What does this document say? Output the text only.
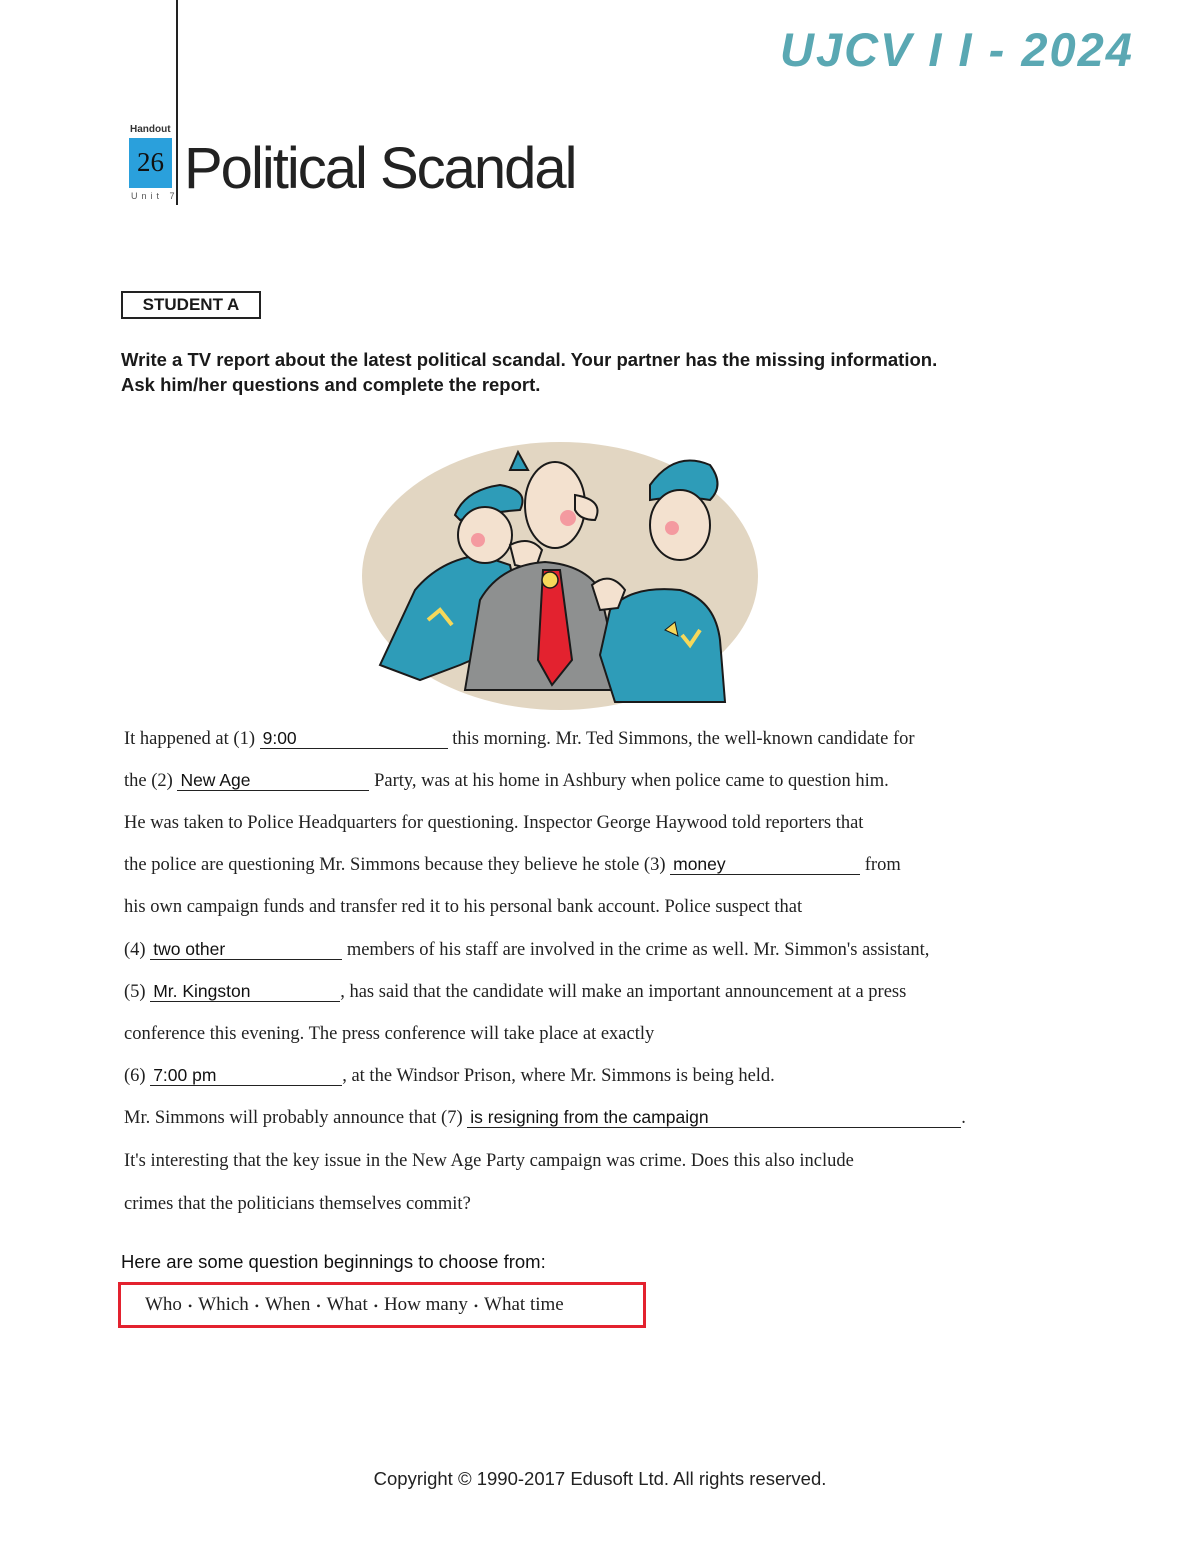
UJCV I I - 2024
Handout
26
Unit 7 Political Scandal
STUDENT A
Write a TV report about the latest political scandal. Your partner has the missing information. Ask him/her questions and complete the report.
It happened at (1) 9:00	this morning. Mr. Ted Simmons, the well-known candidate for
the (2) New Age	Party, was at his home in Ashbury when police came to question him.
He was taken to Police Headquarters for questioning. Inspector George Haywood told reporters that
the police are questioning Mr. Simmons because they believe he stole (3) money	from
his own campaign funds and transfer red it to his personal bank account. Police suspect that
(4) two other	members of his staff are involved in the crime as well. Mr. Simmon's assistant,
(5) Mr. Kingston	, has said that the candidate will make an important announcement at a press
conference this evening. The press conference will take place at exactly
(6) 7:00 pm	, at the Windsor Prison, where Mr. Simmons is being held.
Mr. Simmons will probably announce that (7) is resigning from the campaign	.
It's interesting that the key issue in the New Age Party campaign was crime. Does this also include
crimes that the politicians themselves commit?
Here are some question beginnings to choose from:
Who • Which • When • What • How many • What time
Copyright © 1990-2017 Edusoft Ltd. All rights reserved.
